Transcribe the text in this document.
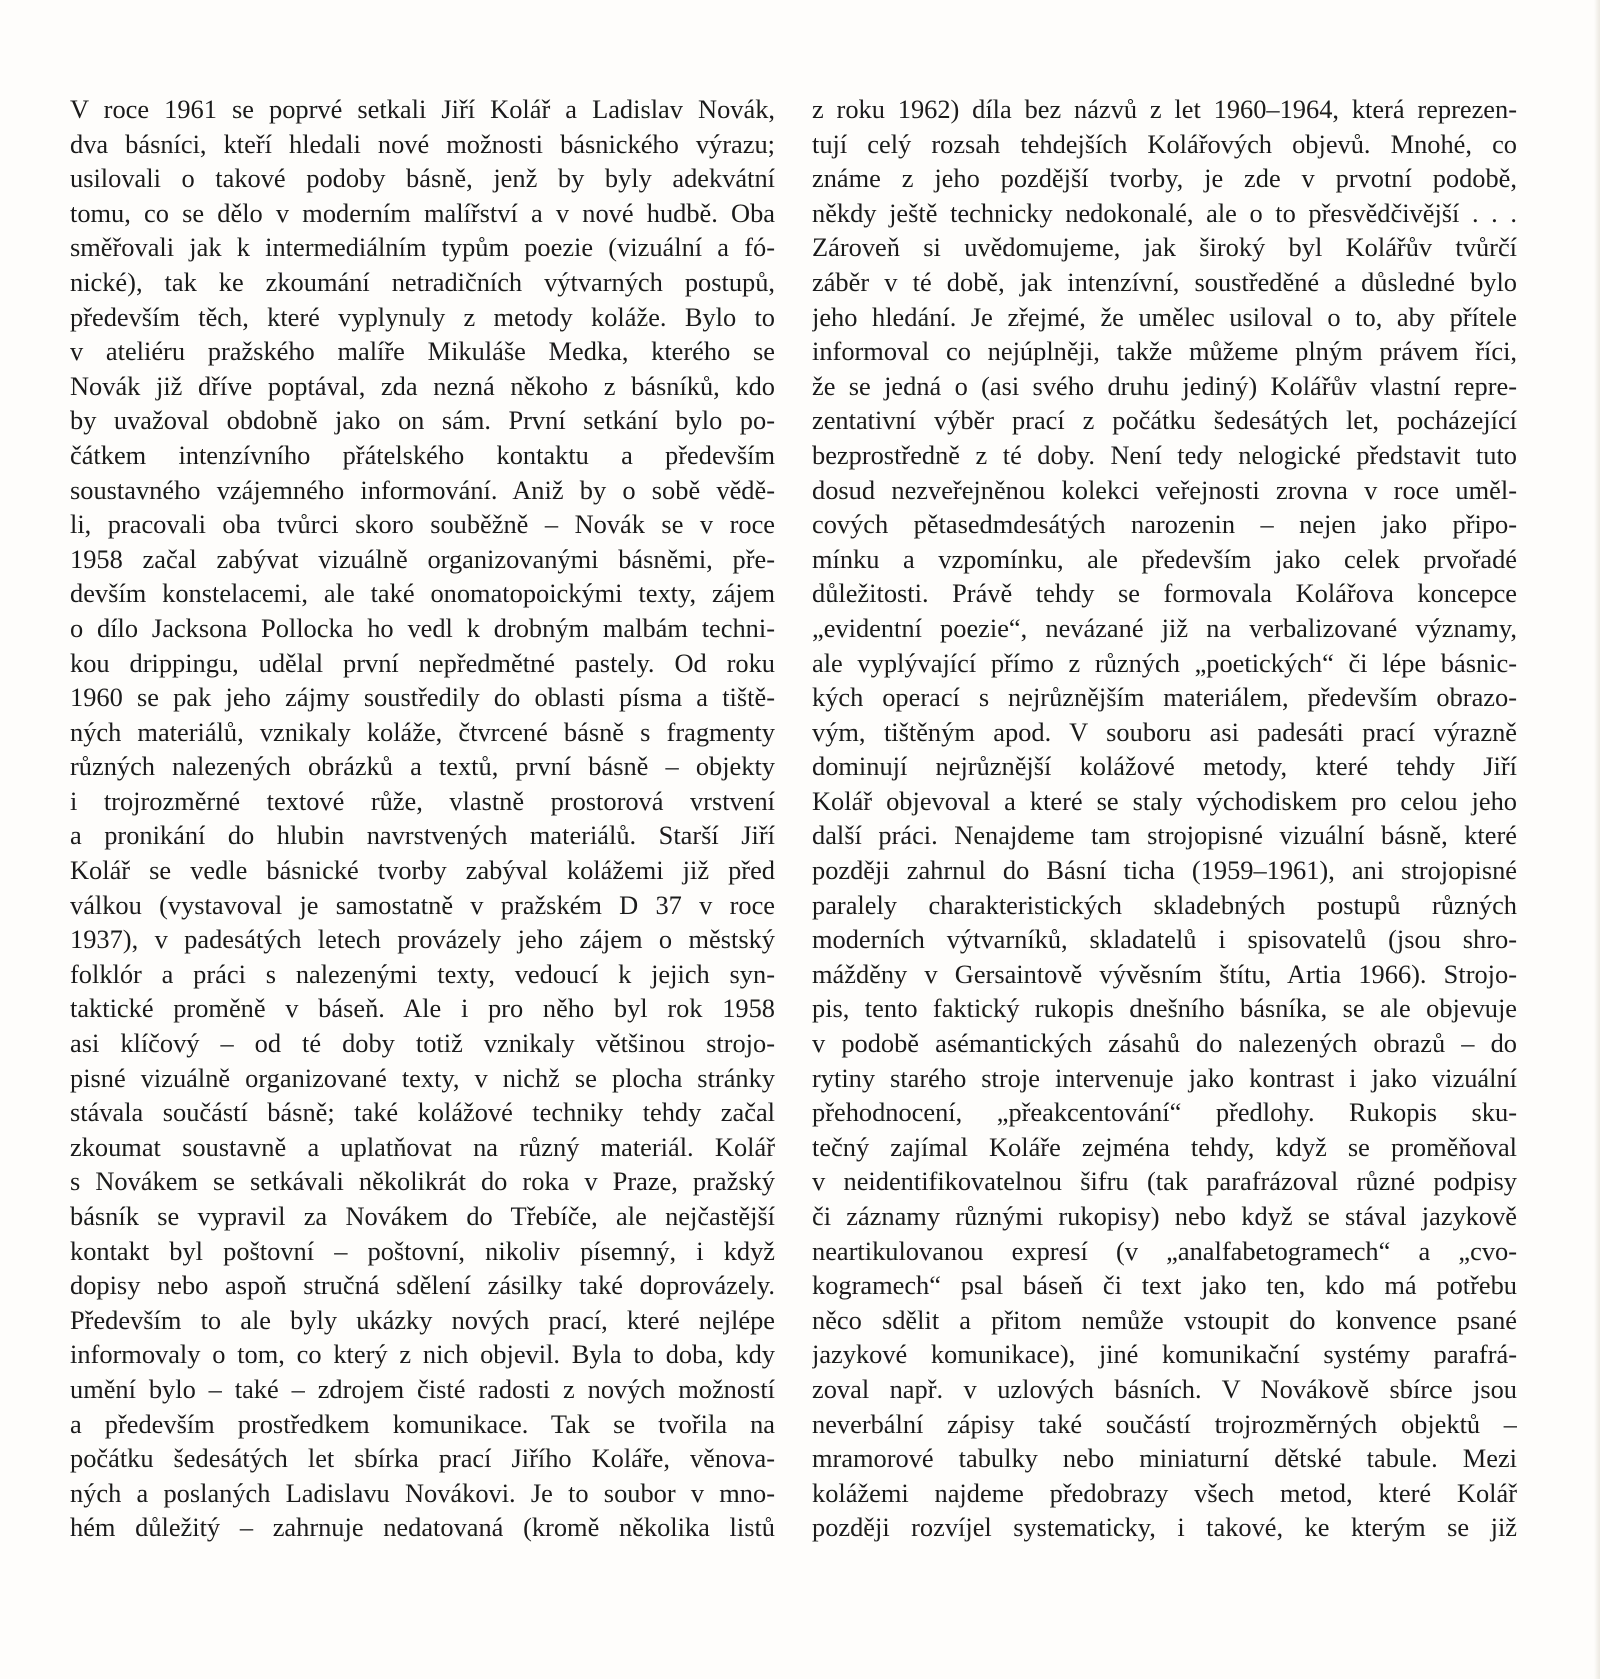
V roce 1961 se poprvé setkali Jiří Kolář a Ladislav Novák,
dva básníci, kteří hledali nové možnosti básnického výrazu;
usilovali o takové podoby básně, jenž by byly adekvátní
tomu, co se dělo v moderním malířství a v nové hudbě. Oba
směřovali jak k intermediálním typům poezie (vizuální a fó-
nické), tak ke zkoumání netradičních výtvarných postupů,
především těch, které vyplynuly z metody koláže. Bylo to
v ateliéru pražského malíře Mikuláše Medka, kterého se
Novák již dříve poptával, zda nezná někoho z básníků, kdo
by uvažoval obdobně jako on sám. První setkání bylo po-
čátkem intenzívního přátelského kontaktu a především
soustavného vzájemného informování. Aniž by o sobě vědě-
li, pracovali oba tvůrci skoro souběžně – Novák se v roce
1958 začal zabývat vizuálně organizovanými básněmi, pře-
devším konstelacemi, ale také onomatopoickými texty, zájem
o dílo Jacksona Pollocka ho vedl k drobným malbám techni-
kou drippingu, udělal první nepředmětné pastely. Od roku
1960 se pak jeho zájmy soustředily do oblasti písma a tiště-
ných materiálů, vznikaly koláže, čtvrcené básně s fragmenty
různých nalezených obrázků a textů, první básně – objekty
i trojrozměrné textové růže, vlastně prostorová vrstvení
a pronikání do hlubin navrstvených materiálů. Starší Jiří
Kolář se vedle básnické tvorby zabýval kolážemi již před
válkou (vystavoval je samostatně v pražském D 37 v roce
1937), v padesátých letech provázely jeho zájem o městský
folklór a práci s nalezenými texty, vedoucí k jejich syn-
taktické proměně v báseň. Ale i pro něho byl rok 1958
asi klíčový – od té doby totiž vznikaly většinou strojo-
pisné vizuálně organizované texty, v nichž se plocha stránky
stávala součástí básně; také kolážové techniky tehdy začal
zkoumat soustavně a uplatňovat na různý materiál. Kolář
s Novákem se setkávali několikrát do roka v Praze, pražský
básník se vypravil za Novákem do Třebíče, ale nejčastější
kontakt byl poštovní – poštovní, nikoliv písemný, i když
dopisy nebo aspoň stručná sdělení zásilky také doprovázely.
Především to ale byly ukázky nových prací, které nejlépe
informovaly o tom, co který z nich objevil. Byla to doba, kdy
umění bylo – také – zdrojem čisté radosti z nových možností
a především prostředkem komunikace. Tak se tvořila na
počátku šedesátých let sbírka prací Jiřího Koláře, věnova-
ných a poslaných Ladislavu Novákovi. Je to soubor v mno-
hém důležitý – zahrnuje nedatovaná (kromě několika listů
z roku 1962) díla bez názvů z let 1960–1964, která reprezen-
tují celý rozsah tehdejších Kolářových objevů. Mnohé, co
známe z jeho pozdější tvorby, je zde v prvotní podobě,
někdy ještě technicky nedokonalé, ale o to přesvědčivější . . .
Zároveň si uvědomujeme, jak široký byl Kolářův tvůrčí
záběr v té době, jak intenzívní, soustředěné a důsledné bylo
jeho hledání. Je zřejmé, že umělec usiloval o to, aby přítele
informoval co nejúplněji, takže můžeme plným právem říci,
že se jedná o (asi svého druhu jediný) Kolářův vlastní repre-
zentativní výběr prací z počátku šedesátých let, pocházející
bezprostředně z té doby. Není tedy nelogické představit tuto
dosud nezveřejněnou kolekci veřejnosti zrovna v roce uměl-
cových pětasedmdesátých narozenin – nejen jako připo-
mínku a vzpomínku, ale především jako celek prvořadé
důležitosti. Právě tehdy se formovala Kolářova koncepce
„evidentní poezie“, nevázané již na verbalizované významy,
ale vyplývající přímo z různých „poetických“ či lépe básnic-
kých operací s nejrůznějším materiálem, především obrazo-
vým, tištěným apod. V souboru asi padesáti prací výrazně
dominují nejrůznější kolážové metody, které tehdy Jiří
Kolář objevoval a které se staly východiskem pro celou jeho
další práci. Nenajdeme tam strojopisné vizuální básně, které
později zahrnul do Básní ticha (1959–1961), ani strojopisné
paralely charakteristických skladebných postupů různých
moderních výtvarníků, skladatelů i spisovatelů (jsou shro-
mážděny v Gersaintově vývěsním štítu, Artia 1966). Strojo-
pis, tento faktický rukopis dnešního básníka, se ale objevuje
v podobě asémantických zásahů do nalezených obrazů – do
rytiny starého stroje intervenuje jako kontrast i jako vizuální
přehodnocení, „přeakcentování“ předlohy. Rukopis sku-
tečný zajímal Koláře zejména tehdy, když se proměňoval
v neidentifikovatelnou šifru (tak parafrázoval různé podpisy
či záznamy různými rukopisy) nebo když se stával jazykově
neartikulovanou expresí (v „analfabetogramech“ a „cvo-
kogramech“ psal báseň či text jako ten, kdo má potřebu
něco sdělit a přitom nemůže vstoupit do konvence psané
jazykové komunikace), jiné komunikační systémy parafrá-
zoval např. v uzlových básních. V Novákově sbírce jsou
neverbální zápisy také součástí trojrozměrných objektů –
mramorové tabulky nebo miniaturní dětské tabule. Mezi
kolážemi najdeme předobrazy všech metod, které Kolář
později rozvíjel systematicky, i takové, ke kterým se již
